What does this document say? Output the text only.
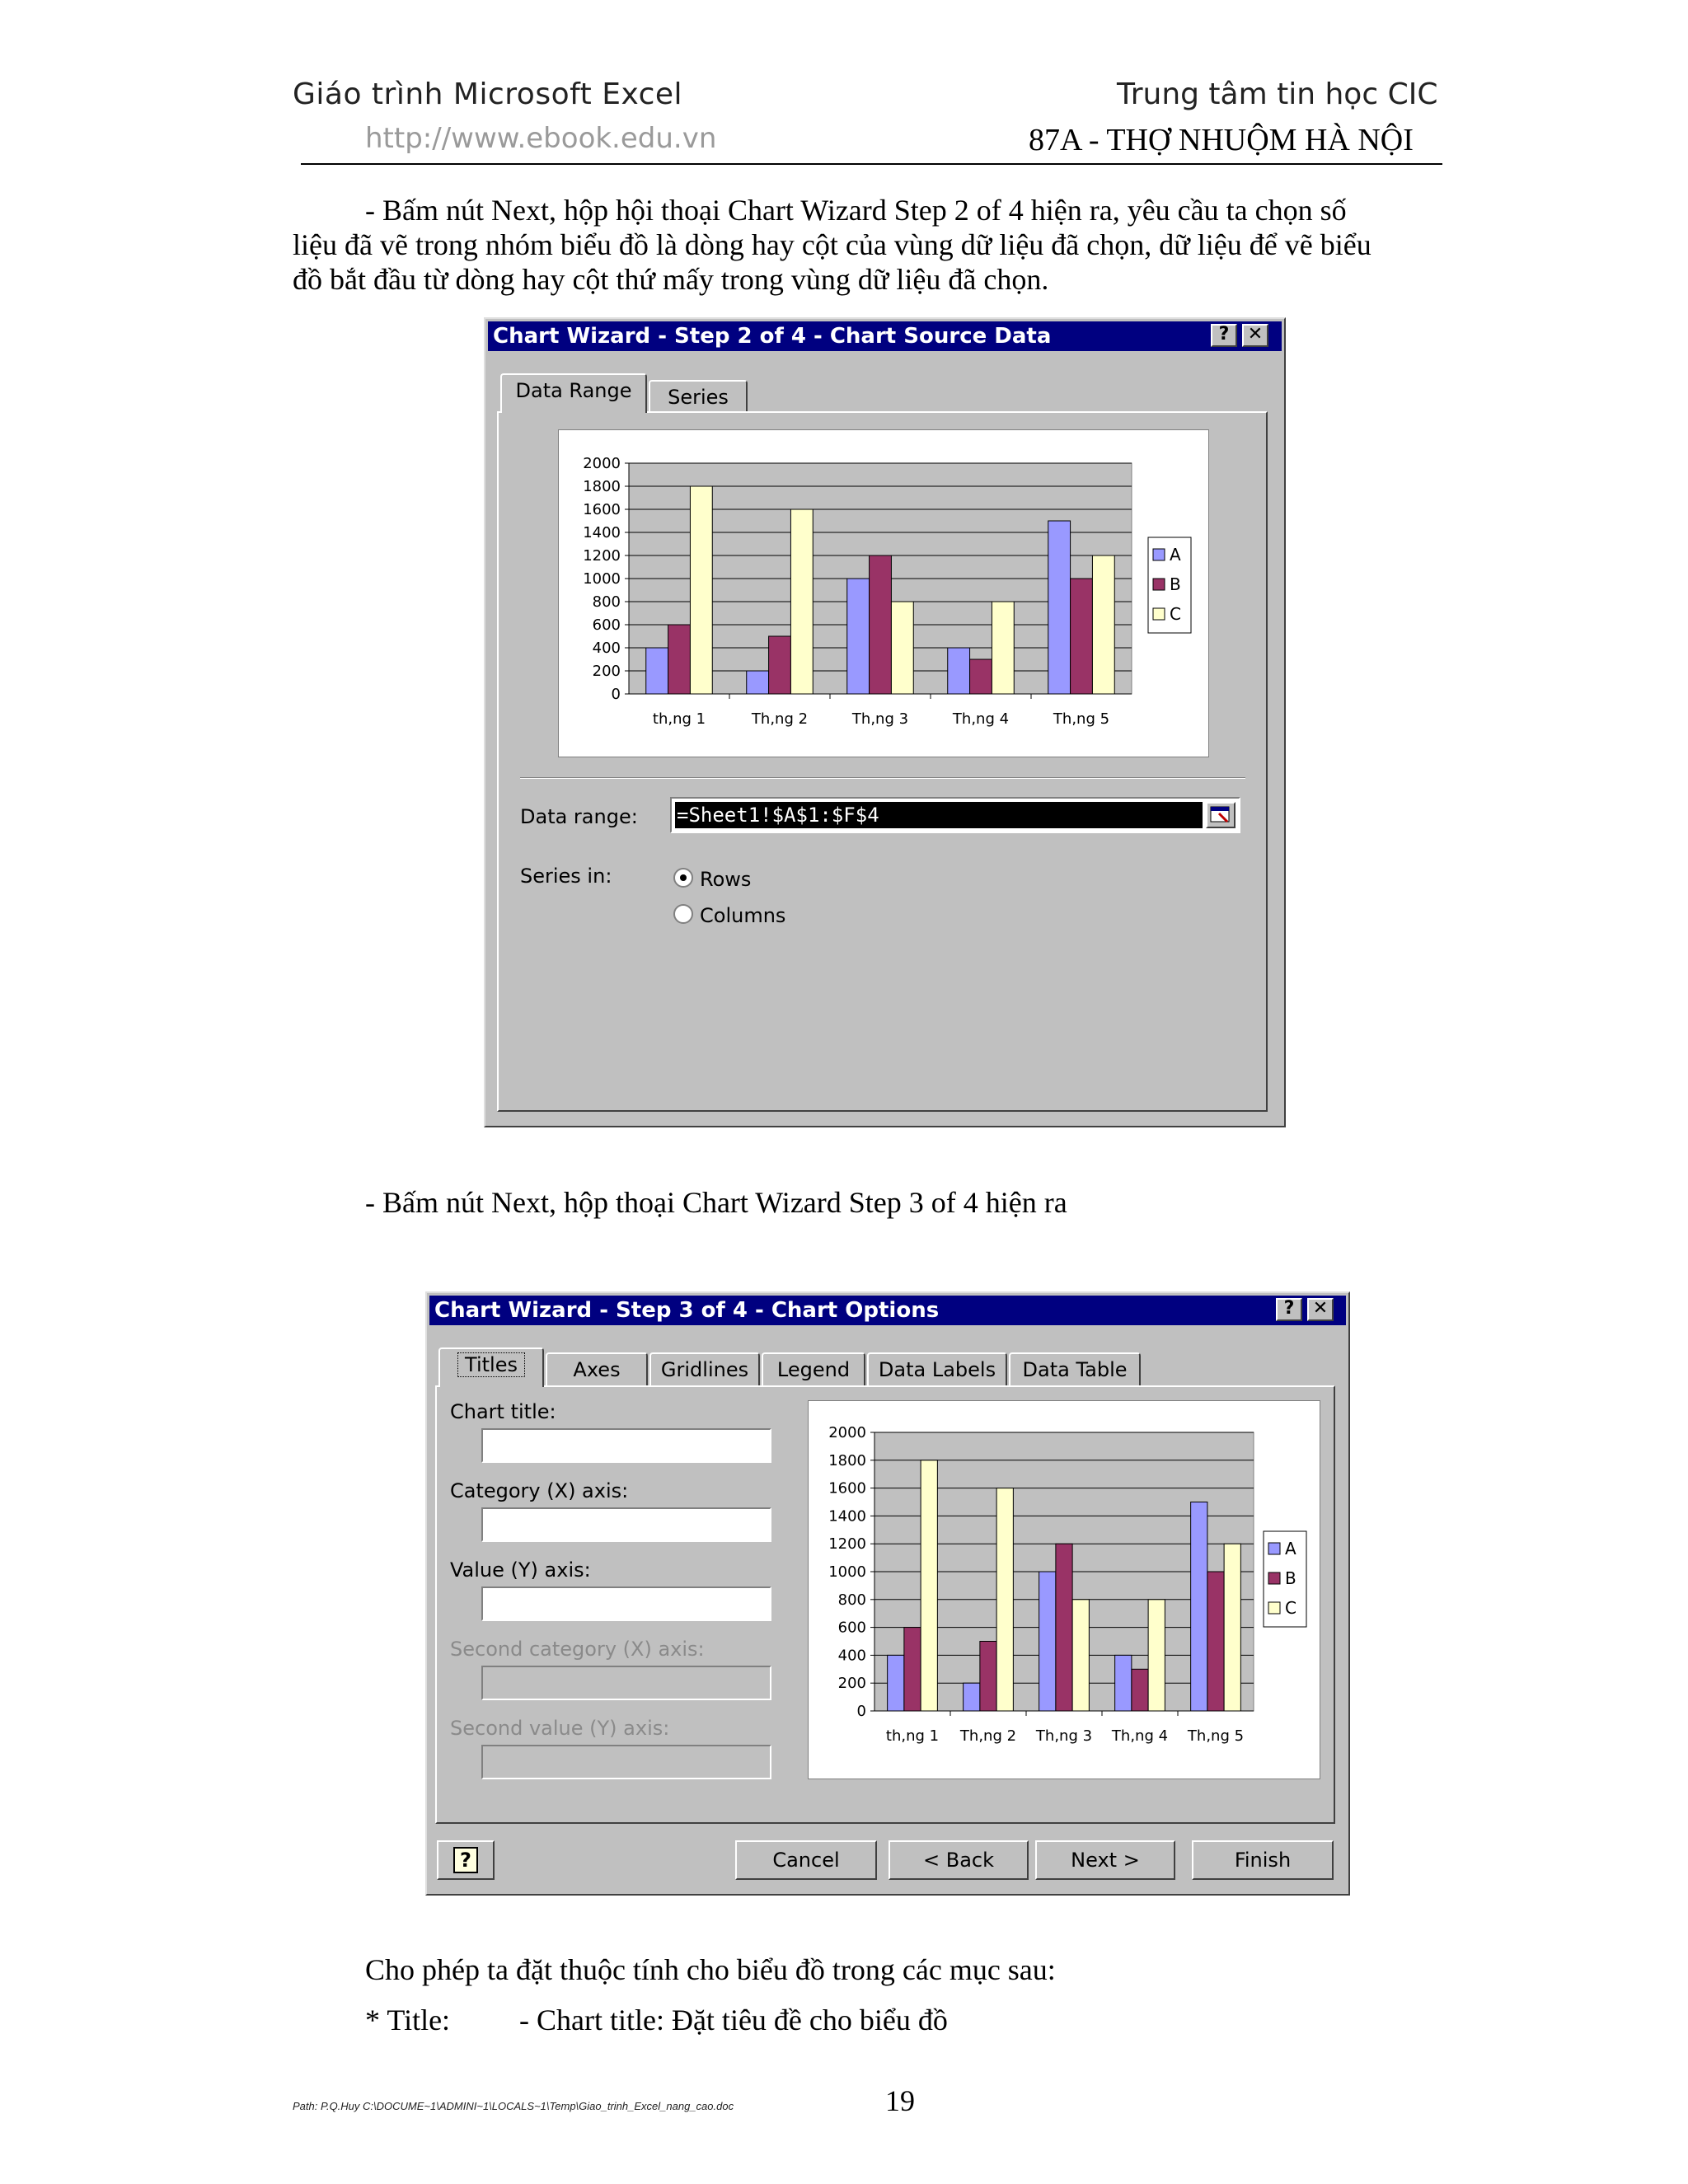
Giáo trình Microsoft Excel
http://www.ebook.edu.vn
Trung tâm tin học CIC
87A - THỢ NHUỘM HÀ NỘI
- Bấm nút Next, hộp hội thoại Chart Wizard Step 2 of 4 hiện ra, yêu cầu ta chọn số
liệu đã vẽ trong nhóm biểu đồ là dòng hay cột của vùng dữ liệu đã chọn, dữ liệu để vẽ biểu
đồ bắt đầu từ dòng hay cột thứ mấy trong vùng dữ liệu đã chọn.
Chart Wizard - Step 2 of 4 - Chart Source Data	?	✕
Data Range	Series
0
200
400
600
800
1000
1200
1400
1600
1800
2000
th,ng 1	Th,ng 2	Th,ng 3	Th,ng 4	Th,ng 5
A
B
C
Data range: =Sheet1!$A$1:$F$4
Series in:	Rows
Columns
- Bấm nút Next, hộp thoại Chart Wizard Step 3 of 4 hiện ra
Chart Wizard - Step 3 of 4 - Chart Options	?	✕
Titles	Axes	Gridlines	Legend	Data Labels	Data Table
Chart title:
Category (X) axis:
Value (Y) axis:
Second category (X) axis:
Second value (Y) axis:
0
200
400
600
800
1000
1200
1400
1600
1800
2000
th,ng 1 Th,ng 2 Th,ng 3 Th,ng 4 Th,ng 5
A
B
C
?	Cancel	< Back	Next >	Finish
Cho phép ta đặt thuộc tính cho biểu đồ trong các mục sau:
* Title: - Chart title: Đặt tiêu đề cho biểu đồ
Path: P.Q.Huy C:\DOCUME~1\ADMINI~1\LOCALS~1\Temp\Giao_trinh_Excel_nang_cao.doc	19
